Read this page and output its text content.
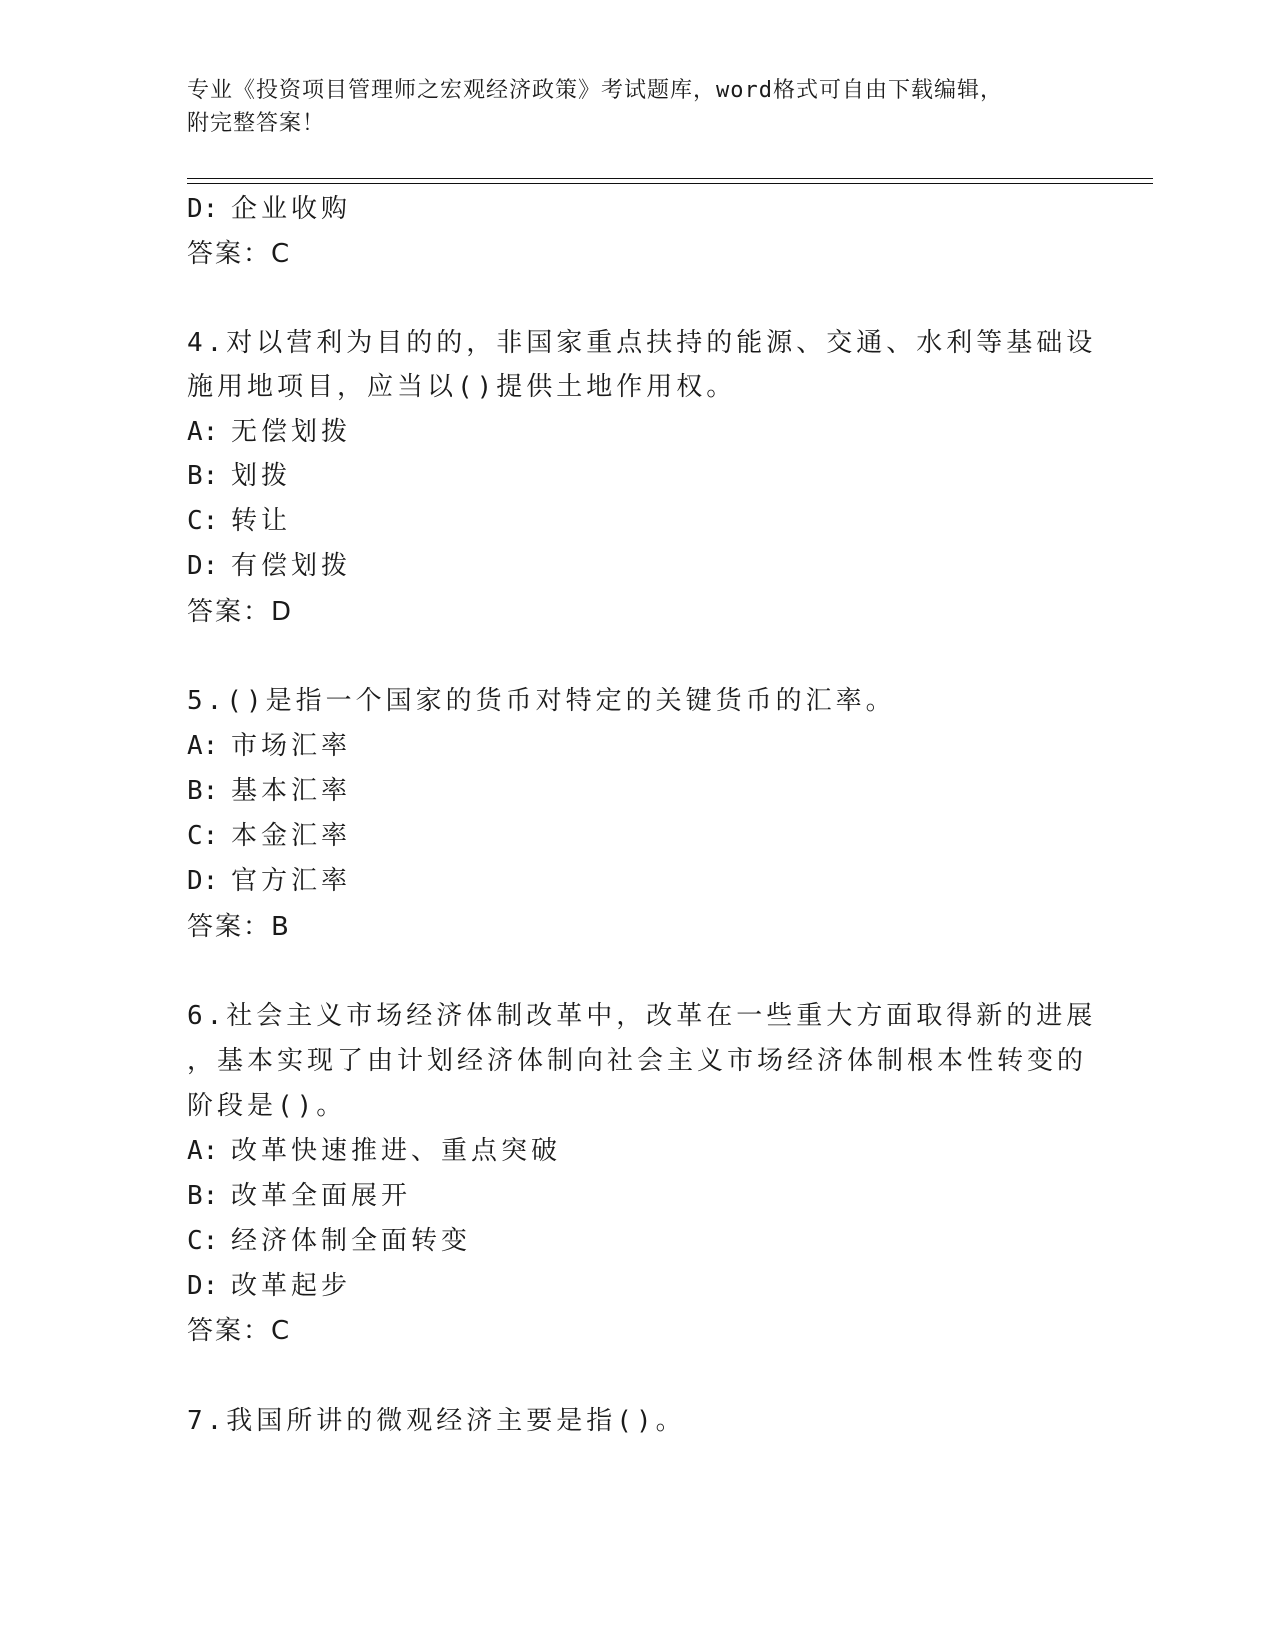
专业《投资项目管理师之宏观经济政策》考试题库，word格式可自由下载编辑，
附完整答案！
D: 企业收购
答案：C
4.对以营利为目的的，非国家重点扶持的能源、交通、水利等基础设
施用地项目，应当以()提供土地作用权。
A: 无偿划拨
B: 划拨
C: 转让
D: 有偿划拨
答案：D
5.()是指一个国家的货币对特定的关键货币的汇率。
A: 市场汇率
B: 基本汇率
C: 本金汇率
D: 官方汇率
答案：B
6.社会主义市场经济体制改革中，改革在一些重大方面取得新的进展
，基本实现了由计划经济体制向社会主义市场经济体制根本性转变的
阶段是()。
A: 改革快速推进、重点突破
B: 改革全面展开
C: 经济体制全面转变
D: 改革起步
答案：C
7.我国所讲的微观经济主要是指()。
